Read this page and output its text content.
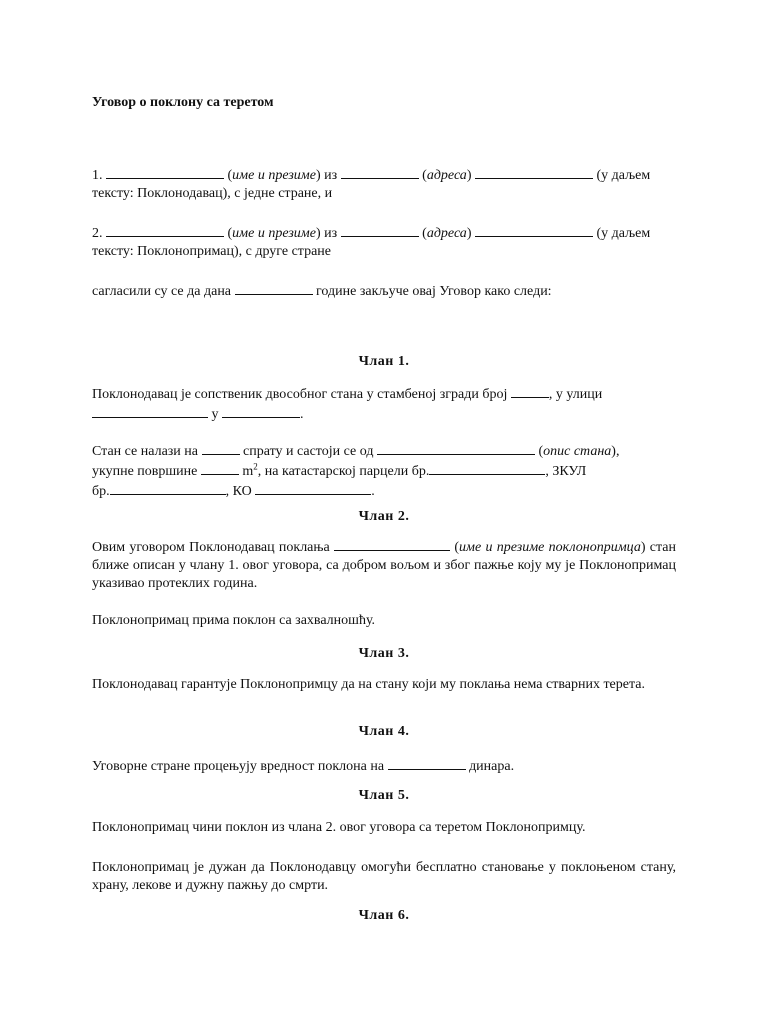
Уговор о поклону са теретом
1.	(име и презиме) из	(адреса)	(у даљем
тексту: Поклонодавац), с једне стране, и
2.	(име и презиме) из	(адреса)	(у даљем
тексту: Поклонопримац), с друге стране
сагласили су се да дана	године закључе овај Уговор како следи:
Члан 1.
Поклонодавац је сопственик двособног стана у стамбеној згради број	, у улици
у	.
Стан се налази на	спрату и састоји се од	(опис стана),
укупне површине	$m^2$, на катастарској парцели бр.	, ЗКУЛ
бр.	, КО	.
Члан 2.
Овим уговором Поклонодавац поклања	(име и презиме поклонопримца) стан ближе описан у члану 1. овог уговора, са добром вољом и због пажње коју му је Поклонопримац указивао протеклих година.
Поклонопримац прима поклон са захвалношћу.
Члан 3.
Поклонодавац гарантује Поклонопримцу да на стану који му поклања нема стварних терета.
Члан 4.
Уговорне стране процењују вредност поклона на	динара.
Члан 5.
Поклонопримац чини поклон из члана 2. овог уговора са теретом Поклонопримцу.
Поклонопримац је дужан да Поклонодавцу омогући бесплатно становање у поклоњеном стану, храну, лекове и дужну пажњу до смрти.
Члан 6.
